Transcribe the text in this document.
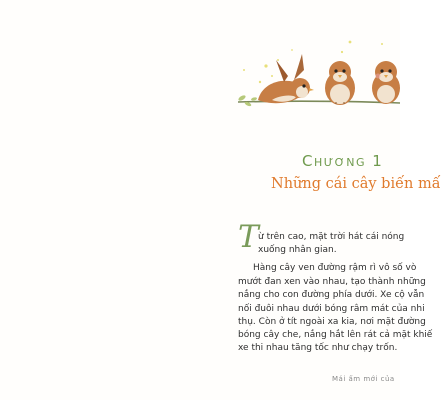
Chương 1
Những cái cây biến mấ
T ừ trên cao, mặt trời hát cái nóng
xuống nhân gian.
Hàng cây ven đường rậm rì vô số vò
mướt đan xen vào nhau, tạo thành những
nắng cho con đường phía dưới. Xe cộ vẫn
nối đuôi nhau dưới bóng râm mát của nhi
thụ. Còn ở tít ngoài xa kia, nơi mặt đường
bóng cây che, nắng hắt lên rát cả mặt khiế
xe thi nhau tăng tốc như chạy trốn.
Mái ấm mới của
